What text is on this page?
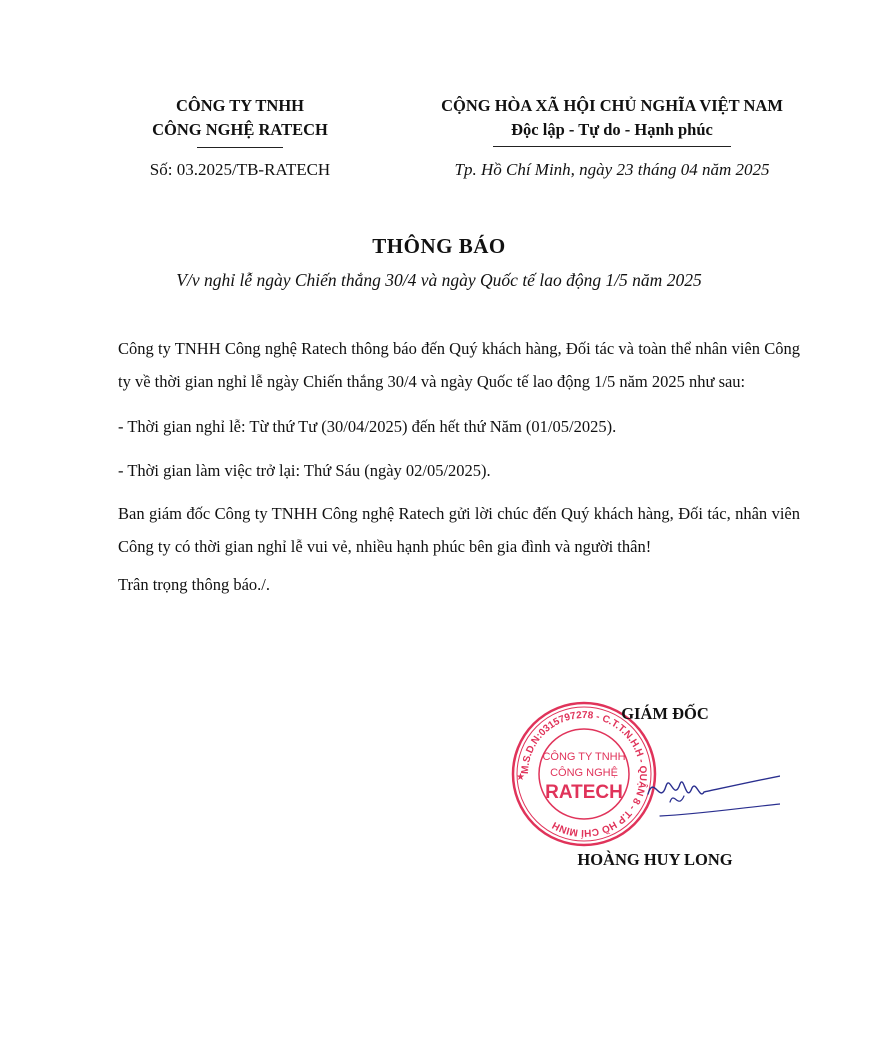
CÔNG TY TNHH
CÔNG NGHỆ RATECH
CỘNG HÒA XÃ HỘI CHỦ NGHĨA VIỆT NAM
Độc lập - Tự do - Hạnh phúc
Số: 03.2025/TB-RATECH	Tp. Hồ Chí Minh, ngày 23 tháng 04 năm 2025
THÔNG BÁO
V/v nghỉ lễ ngày Chiến thắng 30/4 và ngày Quốc tế lao động 1/5 năm 2025

Công ty TNHH Công nghệ Ratech thông báo đến Quý khách hàng, Đối tác và toàn thể nhân viên Công ty về thời gian nghỉ lễ ngày Chiến thắng 30/4 và ngày Quốc tế lao động 1/5 năm 2025 như sau:

- Thời gian nghỉ lễ: Từ thứ Tư (30/04/2025) đến hết thứ Năm (01/05/2025).

- Thời gian làm việc trở lại: Thứ Sáu (ngày 02/05/2025).

Ban giám đốc Công ty TNHH Công nghệ Ratech gửi lời chúc đến Quý khách hàng, Đối tác, nhân viên Công ty có thời gian nghỉ lễ vui vẻ, nhiều hạnh phúc bên gia đình và người thân!

Trân trọng thông báo./.

M.S.D.N:0315797278 - C.T.T.N.H.H - QUẬN 8 - T.P HỒ CHÍ MINH
CÔNG TY TNHH
CÔNG NGHỆ
RATECH
★
GIÁM ĐỐC
HOÀNG HUY LONG
